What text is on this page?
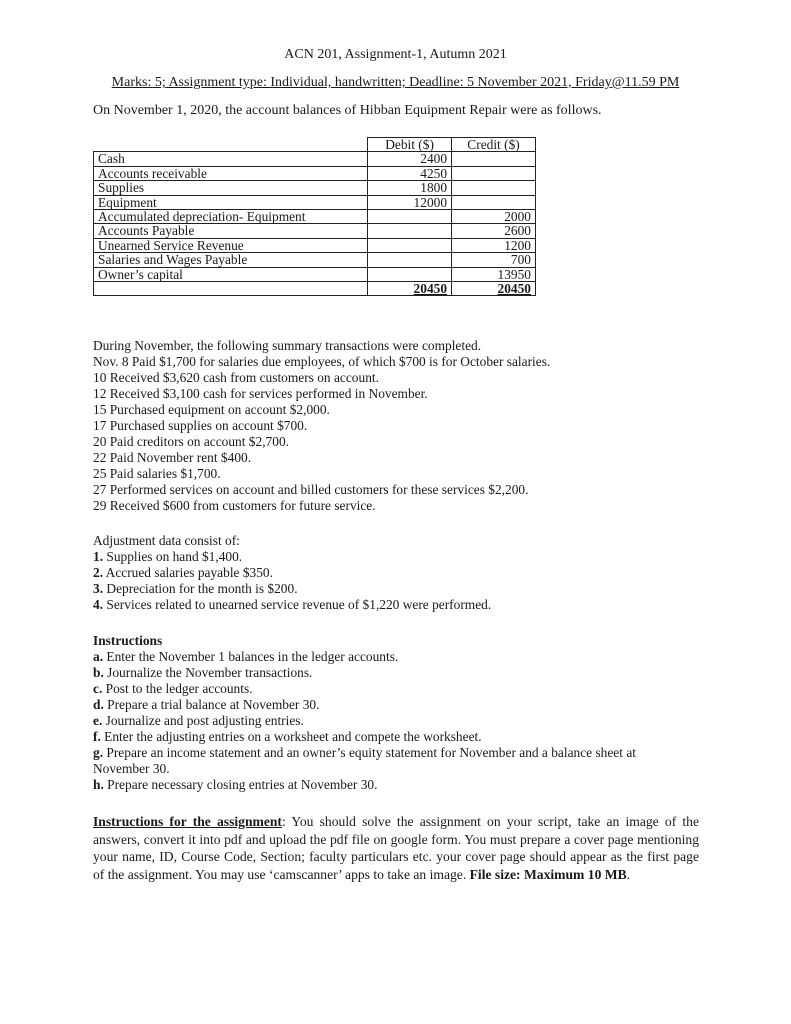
ACN 201, Assignment-1, Autumn 2021
Marks: 5; Assignment type: Individual, handwritten; Deadline: 5 November 2021, Friday@11.59 PM
On November 1, 2020, the account balances of Hibban Equipment Repair were as follows.
	Debit ($)	Credit ($)
Cash	2400	
Accounts receivable	4250	
Supplies	1800	
Equipment	12000	
Accumulated depreciation- Equipment		2000
Accounts Payable		2600
Unearned Service Revenue		1200
Salaries and Wages Payable		700
Owner’s capital		13950
	20450	20450
During November, the following summary transactions were completed.
Nov. 8 Paid $1,700 for salaries due employees, of which $700 is for October salaries.
10 Received $3,620 cash from customers on account.
12 Received $3,100 cash for services performed in November.
15 Purchased equipment on account $2,000.
17 Purchased supplies on account $700.
20 Paid creditors on account $2,700.
22 Paid November rent $400.
25 Paid salaries $1,700.
27 Performed services on account and billed customers for these services $2,200.
29 Received $600 from customers for future service.
Adjustment data consist of:
1. Supplies on hand $1,400.
2. Accrued salaries payable $350.
3. Depreciation for the month is $200.
4. Services related to unearned service revenue of $1,220 were performed.
Instructions
a. Enter the November 1 balances in the ledger accounts.
b. Journalize the November transactions.
c. Post to the ledger accounts.
d. Prepare a trial balance at November 30.
e. Journalize and post adjusting entries.
f. Enter the adjusting entries on a worksheet and compete the worksheet.
g. Prepare an income statement and an owner’s equity statement for November and a balance sheet at
November 30.
h. Prepare necessary closing entries at November 30.
Instructions for the assignment: You should solve the assignment on your script, take an image of the answers, convert it into pdf and upload the pdf file on google form. You must prepare a cover page mentioning your name, ID, Course Code, Section; faculty particulars etc. your cover page should appear as the first page of the assignment. You may use ‘camscanner’ apps to take an image. File size: Maximum 10 MB.
